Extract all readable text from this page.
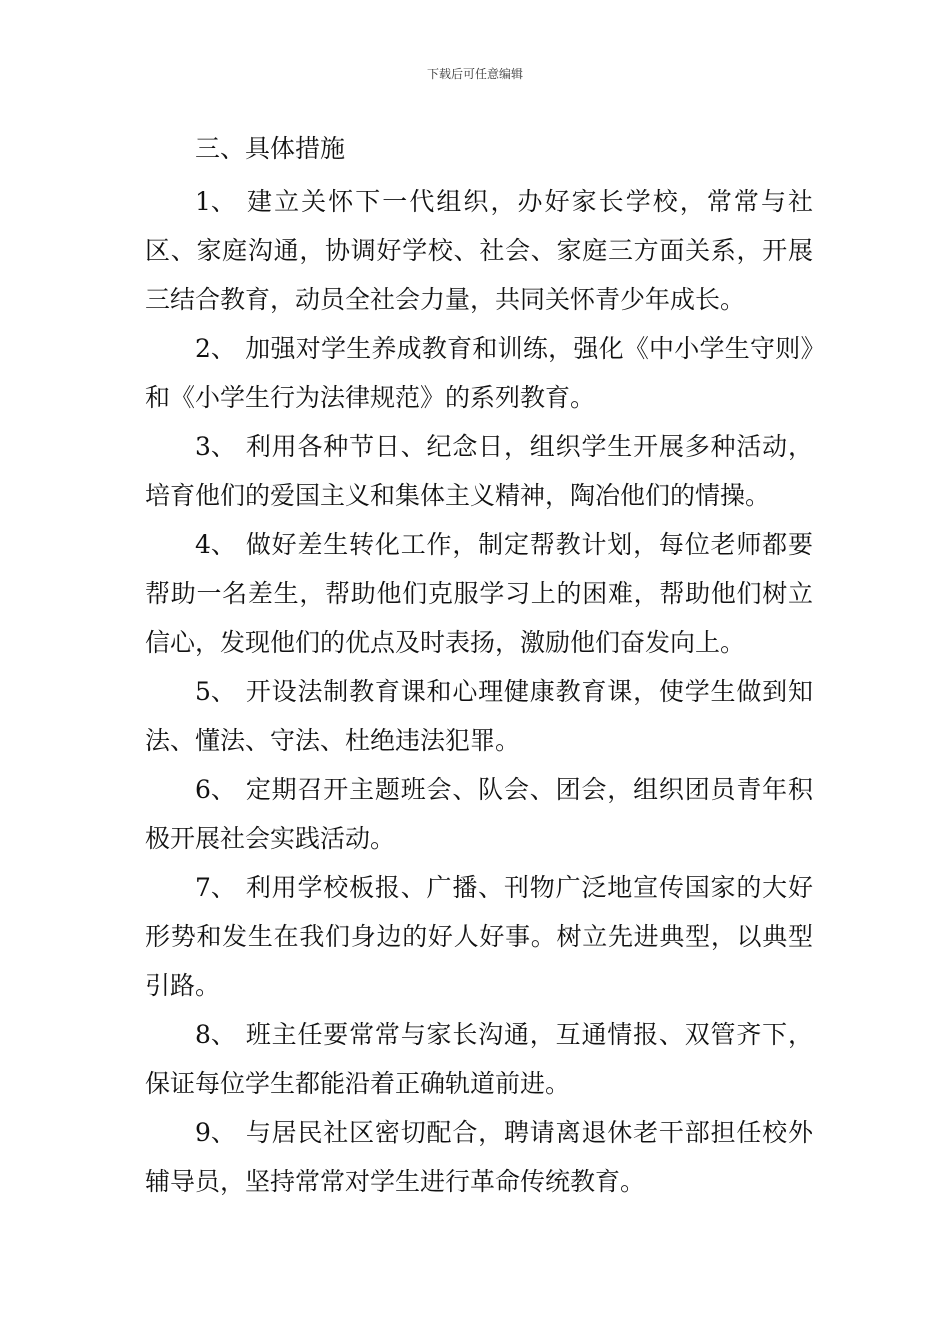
下载后可任意编辑

三、具体措施

1、 建立关怀下一代组织，办好家长学校，常常与社区、家庭沟通，协调好学校、社会、家庭三方面关系，开展三结合教育，动员全社会力量，共同关怀青少年成长。

2、 加强对学生养成教育和训练，强化《中小学生守则》和《小学生行为法律规范》的系列教育。

3、 利用各种节日、纪念日，组织学生开展多种活动，培育他们的爱国主义和集体主义精神，陶冶他们的情操。

4、 做好差生转化工作，制定帮教计划，每位老师都要帮助一名差生，帮助他们克服学习上的困难，帮助他们树立信心，发现他们的优点及时表扬，激励他们奋发向上。

5、 开设法制教育课和心理健康教育课，使学生做到知法、懂法、守法、杜绝违法犯罪。

6、 定期召开主题班会、队会、团会，组织团员青年积极开展社会实践活动。

7、 利用学校板报、广播、刊物广泛地宣传国家的大好形势和发生在我们身边的好人好事。树立先进典型，以典型引路。

8、 班主任要常常与家长沟通，互通情报、双管齐下，保证每位学生都能沿着正确轨道前进。

9、 与居民社区密切配合，聘请离退休老干部担任校外辅导员，坚持常常对学生进行革命传统教育。
